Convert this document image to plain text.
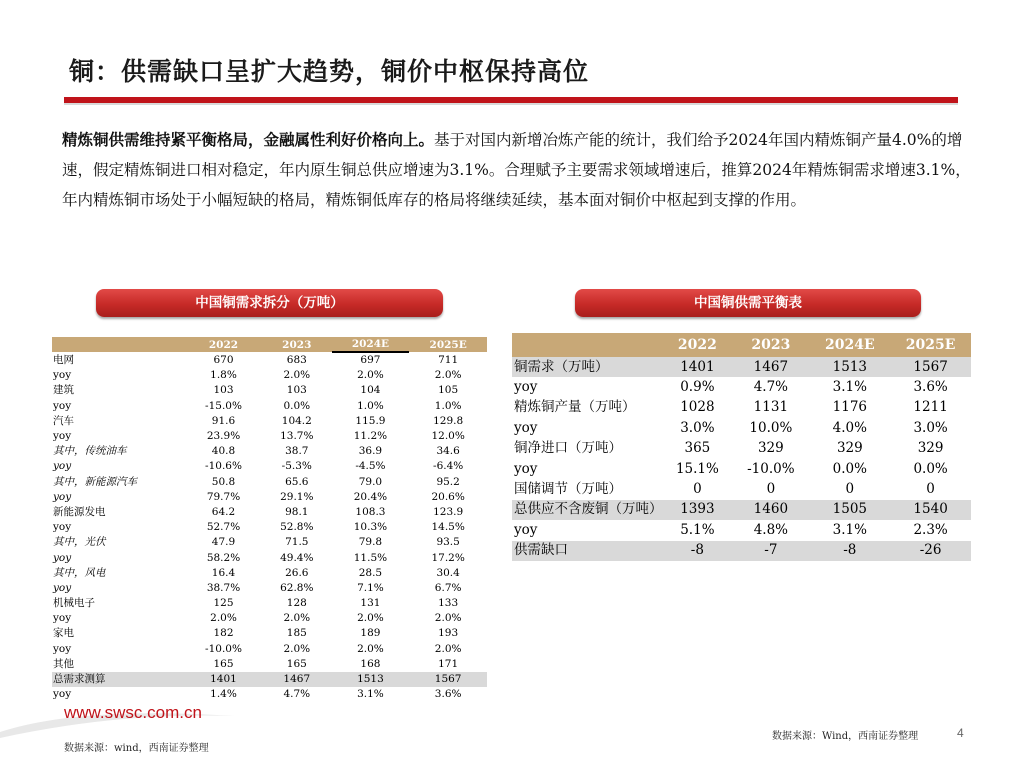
铜：供需缺口呈扩大趋势，铜价中枢保持高位
精炼铜供需维持紧平衡格局，金融属性利好价格向上。基于对国内新增冶炼产能的统计，我们给予2024年国内精炼铜产量4.0%的增速，假定精炼铜进口相对稳定，年内原生铜总供应增速为3.1%。合理赋予主要需求领域增速后，推算2024年精炼铜需求增速3.1%，年内精炼铜市场处于小幅短缺的格局，精炼铜低库存的格局将继续延续，基本面对铜价中枢起到支撑的作用。
中国铜需求拆分（万吨）	中国铜供需平衡表
	2022	2023	2024E	2025E
电网	670	683	697	711
yoy	1.8%	2.0%	2.0%	2.0%
建筑	103	103	104	105
yoy	-15.0%	0.0%	1.0%	1.0%
汽车	91.6	104.2	115.9	129.8
yoy	23.9%	13.7%	11.2%	12.0%
其中，传统油车	40.8	38.7	36.9	34.6
yoy	-10.6%	-5.3%	-4.5%	-6.4%
其中，新能源汽车	50.8	65.6	79.0	95.2
yoy	79.7%	29.1%	20.4%	20.6%
新能源发电	64.2	98.1	108.3	123.9
yoy	52.7%	52.8%	10.3%	14.5%
其中，光伏	47.9	71.5	79.8	93.5
yoy	58.2%	49.4%	11.5%	17.2%
其中，风电	16.4	26.6	28.5	30.4
yoy	38.7%	62.8%	7.1%	6.7%
机械电子	125	128	131	133
yoy	2.0%	2.0%	2.0%	2.0%
家电	182	185	189	193
yoy	-10.0%	2.0%	2.0%	2.0%
其他	165	165	168	171
总需求测算	1401	1467	1513	1567
yoy	1.4%	4.7%	3.1%	3.6%
	2022	2023	2024E	2025E
铜需求（万吨）	1401	1467	1513	1567
yoy	0.9%	4.7%	3.1%	3.6%
精炼铜产量（万吨）	1028	1131	1176	1211
yoy	3.0%	10.0%	4.0%	3.0%
铜净进口（万吨）	365	329	329	329
yoy	15.1%	-10.0%	0.0%	0.0%
国储调节（万吨）	0	0	0	0
总供应不含废铜（万吨）	1393	1460	1505	1540
yoy	5.1%	4.8%	3.1%	2.3%
供需缺口	-8	-7	-8	-26
www.swsc.com.cn
数据来源：wind，西南证券整理
数据来源：Wind，西南证券整理	4
